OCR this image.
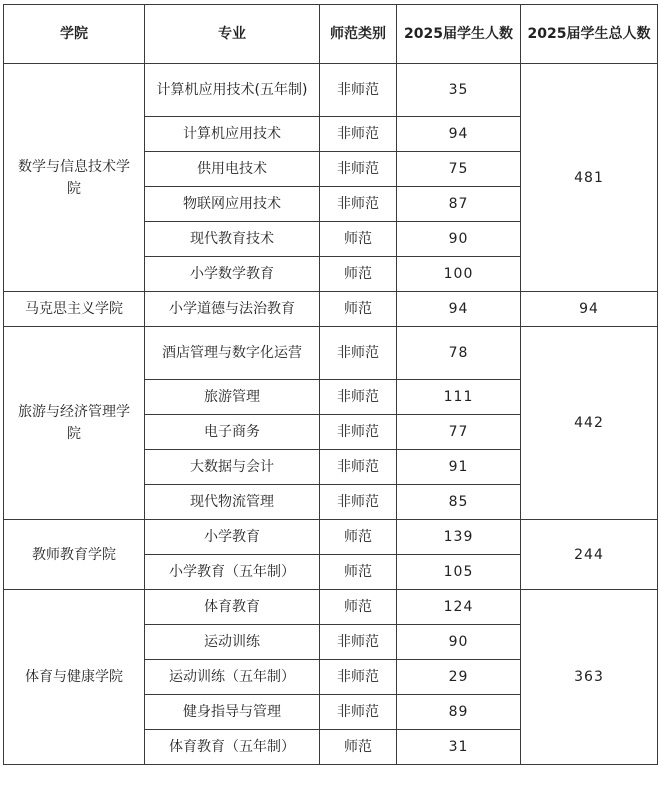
学院	专业	师范类别	2025届学生人数	2025届学生总人数
数学与信息技术学院	计算机应用技术(五年制)	非师范	35	481
	计算机应用技术	非师范	94	
	供用电技术	非师范	75	
	物联网应用技术	非师范	87	
	现代教育技术	师范	90	
	小学数学教育	师范	100	
马克思主义学院	小学道德与法治教育	师范	94	94
旅游与经济管理学院	酒店管理与数字化运营	非师范	78	442
	旅游管理	非师范	111	
	电子商务	非师范	77	
	大数据与会计	非师范	91	
	现代物流管理	非师范	85	
教师教育学院	小学教育	师范	139	244
	小学教育（五年制）	师范	105	
体育与健康学院	体育教育	师范	124	363
	运动训练	非师范	90	
	运动训练（五年制）	非师范	29	
	健身指导与管理	非师范	89	
	体育教育（五年制）	师范	31	
